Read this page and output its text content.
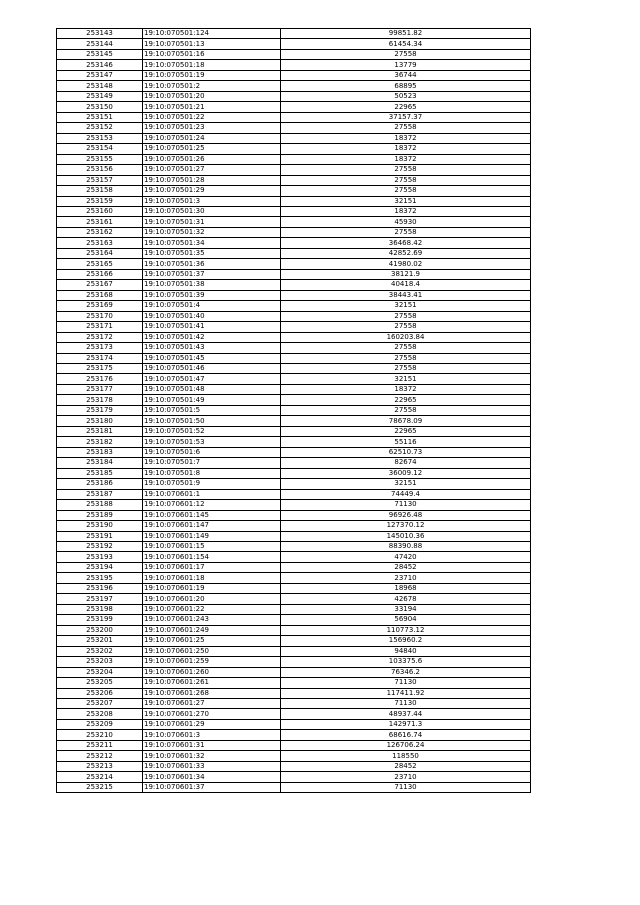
253143	19:10:070501:124	99851.82
253144	19:10:070501:13	61454.34
253145	19:10:070501:16	27558
253146	19:10:070501:18	13779
253147	19:10:070501:19	36744
253148	19:10:070501:2	68895
253149	19:10:070501:20	50523
253150	19:10:070501:21	22965
253151	19:10:070501:22	37157.37
253152	19:10:070501:23	27558
253153	19:10:070501:24	18372
253154	19:10:070501:25	18372
253155	19:10:070501:26	18372
253156	19:10:070501:27	27558
253157	19:10:070501:28	27558
253158	19:10:070501:29	27558
253159	19:10:070501:3	32151
253160	19:10:070501:30	18372
253161	19:10:070501:31	45930
253162	19:10:070501:32	27558
253163	19:10:070501:34	36468.42
253164	19:10:070501:35	42852.69
253165	19:10:070501:36	41980.02
253166	19:10:070501:37	38121.9
253167	19:10:070501:38	40418.4
253168	19:10:070501:39	38443.41
253169	19:10:070501:4	32151
253170	19:10:070501:40	27558
253171	19:10:070501:41	27558
253172	19:10:070501:42	160203.84
253173	19:10:070501:43	27558
253174	19:10:070501:45	27558
253175	19:10:070501:46	27558
253176	19:10:070501:47	32151
253177	19:10:070501:48	18372
253178	19:10:070501:49	22965
253179	19:10:070501:5	27558
253180	19:10:070501:50	78678.09
253181	19:10:070501:52	22965
253182	19:10:070501:53	55116
253183	19:10:070501:6	62510.73
253184	19:10:070501:7	82674
253185	19:10:070501:8	36009.12
253186	19:10:070501:9	32151
253187	19:10:070601:1	74449.4
253188	19:10:070601:12	71130
253189	19:10:070601:145	96926.48
253190	19:10:070601:147	127370.12
253191	19:10:070601:149	145010.36
253192	19:10:070601:15	88390.88
253193	19:10:070601:154	47420
253194	19:10:070601:17	28452
253195	19:10:070601:18	23710
253196	19:10:070601:19	18968
253197	19:10:070601:20	42678
253198	19:10:070601:22	33194
253199	19:10:070601:243	56904
253200	19:10:070601:249	110773.12
253201	19:10:070601:25	156960.2
253202	19:10:070601:250	94840
253203	19:10:070601:259	103375.6
253204	19:10:070601:260	76346.2
253205	19:10:070601:261	71130
253206	19:10:070601:268	117411.92
253207	19:10:070601:27	71130
253208	19:10:070601:270	48937.44
253209	19:10:070601:29	142971.3
253210	19:10:070601:3	68616.74
253211	19:10:070601:31	126706.24
253212	19:10:070601:32	118550
253213	19:10:070601:33	28452
253214	19:10:070601:34	23710
253215	19:10:070601:37	71130
